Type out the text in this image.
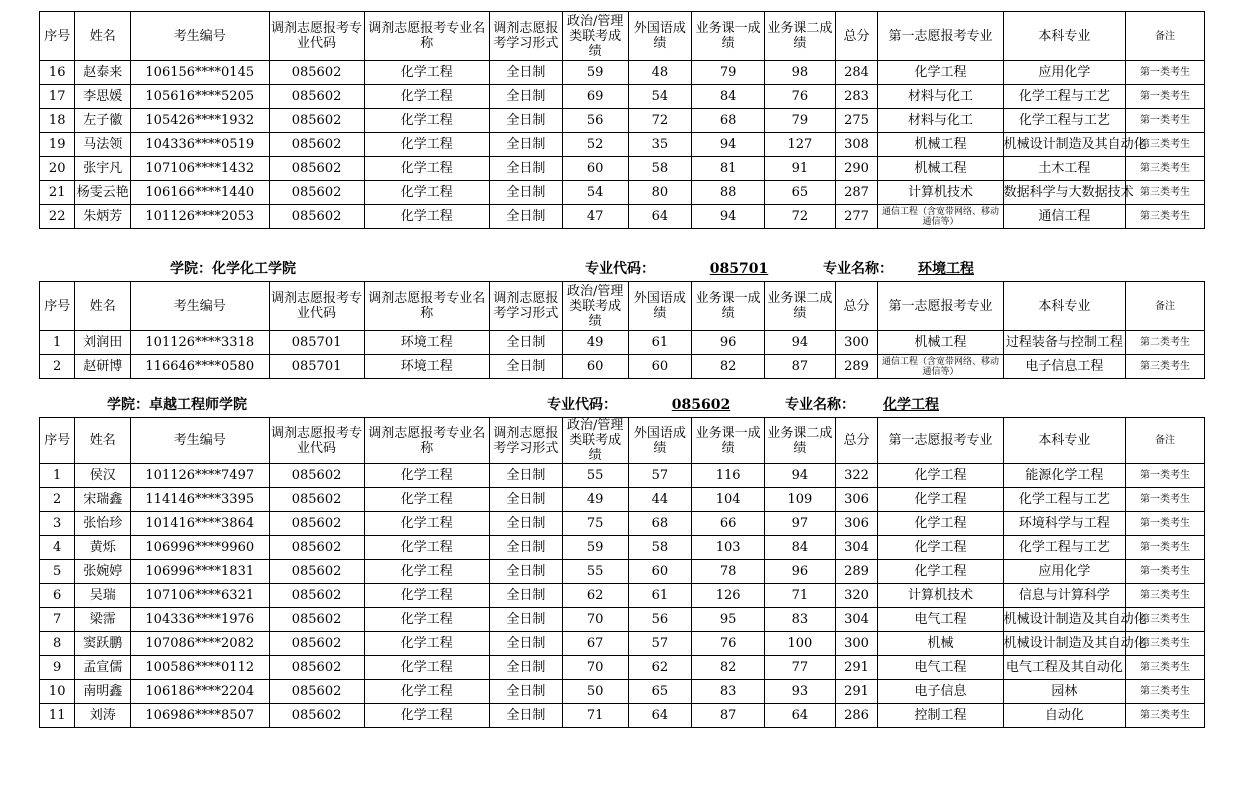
序号	姓名	考生编号	调剂志愿报考专业代码	调剂志愿报考专业名称	调剂志愿报考学习形式	政治/管理类联考成绩	外国语成绩	业务课一成绩	业务课二成绩	总分	第一志愿报考专业	本科专业	备注
16	赵泰来	106156****0145	085602	化学工程	全日制	59	48	79	98	284	化学工程	应用化学	第一类考生
17	李思媛	105616****5205	085602	化学工程	全日制	69	54	84	76	283	材料与化工	化学工程与工艺	第一类考生
18	左子徽	105426****1932	085602	化学工程	全日制	56	72	68	79	275	材料与化工	化学工程与工艺	第一类考生
19	马法领	104336****0519	085602	化学工程	全日制	52	35	94	127	308	机械工程	机械设计制造及其自动化	第三类考生
20	张宇凡	107106****1432	085602	化学工程	全日制	60	58	81	91	290	机械工程	土木工程	第三类考生
21	杨雯云艳	106166****1440	085602	化学工程	全日制	54	80	88	65	287	计算机技术	数据科学与大数据技术	第三类考生
22	朱炳芳	101126****2053	085602	化学工程	全日制	47	64	94	72	277	通信工程（含宽带网络、移动通信等）	通信工程	第三类考生
学院：化学化工学院	专业代码：	085701	专业名称： 环境工程
序号	姓名	考生编号	调剂志愿报考专业代码	调剂志愿报考专业名称	调剂志愿报考学习形式	政治/管理类联考成绩	外国语成绩	业务课一成绩	业务课二成绩	总分	第一志愿报考专业	本科专业	备注
1	刘润田	101126****3318	085701	环境工程	全日制	49	61	96	94	300	机械工程	过程装备与控制工程	第二类考生
2	赵研博	116646****0580	085701	环境工程	全日制	60	60	82	87	289	通信工程（含宽带网络、移动通信等）	电子信息工程	第三类考生
学院：卓越工程师学院	专业代码：	085602	专业名称： 化学工程
序号	姓名	考生编号	调剂志愿报考专业代码	调剂志愿报考专业名称	调剂志愿报考学习形式	政治/管理类联考成绩	外国语成绩	业务课一成绩	业务课二成绩	总分	第一志愿报考专业	本科专业	备注
1	侯汉	101126****7497	085602	化学工程	全日制	55	57	116	94	322	化学工程	能源化学工程	第一类考生
2	宋瑞鑫	114146****3395	085602	化学工程	全日制	49	44	104	109	306	化学工程	化学工程与工艺	第一类考生
3	张怡珍	101416****3864	085602	化学工程	全日制	75	68	66	97	306	化学工程	环境科学与工程	第一类考生
4	黄烁	106996****9960	085602	化学工程	全日制	59	58	103	84	304	化学工程	化学工程与工艺	第一类考生
5	张婉婷	106996****1831	085602	化学工程	全日制	55	60	78	96	289	化学工程	应用化学	第一类考生
6	吴瑞	107106****6321	085602	化学工程	全日制	62	61	126	71	320	计算机技术	信息与计算科学	第三类考生
7	梁霈	104336****1976	085602	化学工程	全日制	70	56	95	83	304	电气工程	机械设计制造及其自动化	第三类考生
8	窦跃鹏	107086****2082	085602	化学工程	全日制	67	57	76	100	300	机械	机械设计制造及其自动化	第三类考生
9	孟宣儒	100586****0112	085602	化学工程	全日制	70	62	82	77	291	电气工程	电气工程及其自动化	第三类考生
10	南明鑫	106186****2204	085602	化学工程	全日制	50	65	83	93	291	电子信息	园林	第三类考生
11	刘涛	106986****8507	085602	化学工程	全日制	71	64	87	64	286	控制工程	自动化	第三类考生
